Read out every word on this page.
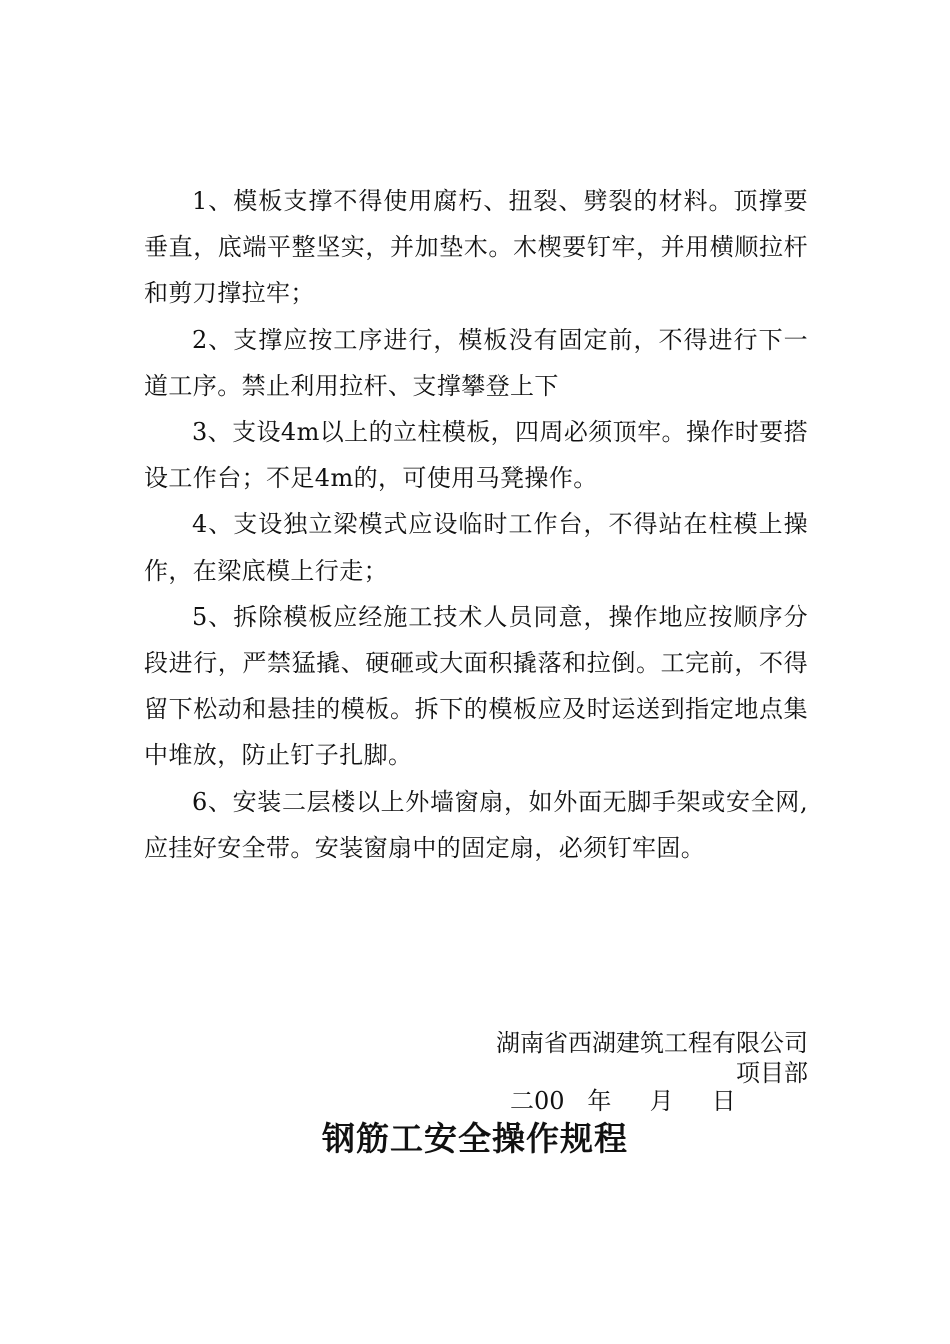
1、模板支撑不得使用腐朽、扭裂、劈裂的材料。顶撑要垂直，底端平整坚实，并加垫木。木楔要钉牢，并用横顺拉杆和剪刀撑拉牢；

2、支撑应按工序进行，模板没有固定前，不得进行下一道工序。禁止利用拉杆、支撑攀登上下

3、支设4m以上的立柱模板，四周必须顶牢。操作时要搭设工作台；不足4m的，可使用马凳操作。

4、支设独立梁模式应设临时工作台，不得站在柱模上操作，在梁底模上行走；

5、拆除模板应经施工技术人员同意，操作地应按顺序分段进行，严禁猛撬、硬砸或大面积撬落和拉倒。工完前，不得留下松动和悬挂的模板。拆下的模板应及时运送到指定地点集中堆放，防止钉子扎脚。

6、安装二层楼以上外墙窗扇，如外面无脚手架或安全网,应挂好安全带。安装窗扇中的固定扇，必须钉牢固。

湖南省西湖建筑工程有限公司
项目部
二00   年     月     日
钢筋工安全操作规程
